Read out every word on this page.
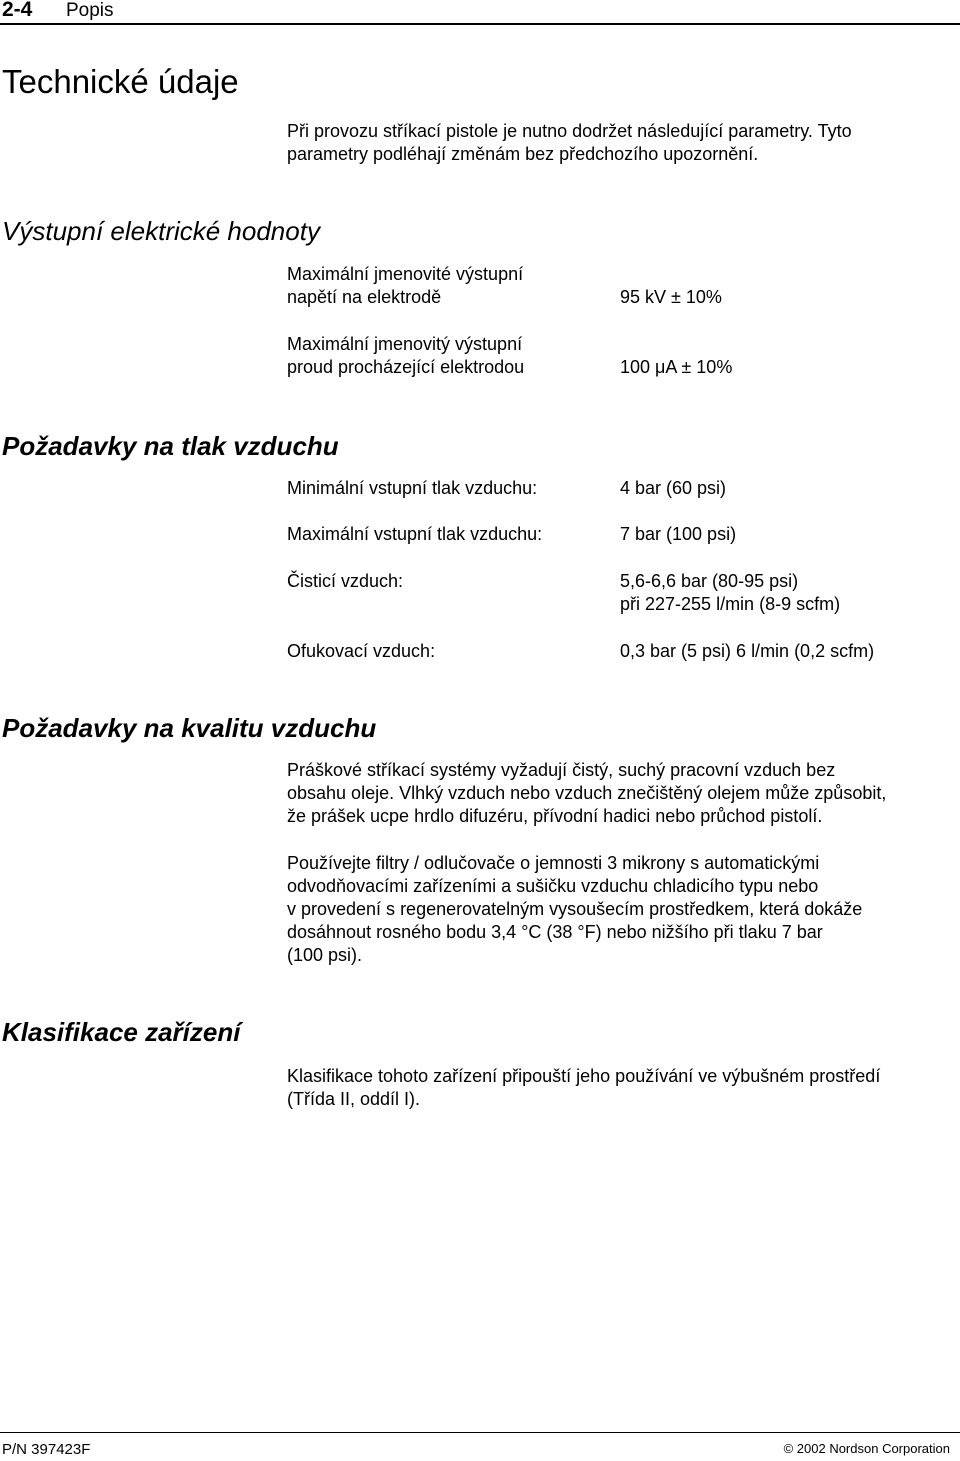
2-4 Popis
Technické údaje
Při provozu stříkací pistole je nutno dodržet následující parametry. Tyto parametry podléhají změnám bez předchozího upozornění.
Výstupní elektrické hodnoty
Maximální jmenovité výstupní
napětí na elektrodě	95 kV ± 10%
Maximální jmenovitý výstupní
proud procházející elektrodou	100 μA ± 10%
Požadavky na tlak vzduchu
Minimální vstupní tlak vzduchu:	4 bar (60 psi)
Maximální vstupní tlak vzduchu:	7 bar (100 psi)
Čisticí vzduch:	5,6-6,6 bar (80-95 psi)
při 227-255 l/min (8-9 scfm)
Ofukovací vzduch:	0,3 bar (5 psi) 6 l/min (0,2 scfm)
Požadavky na kvalitu vzduchu
Práškové stříkací systémy vyžadují čistý, suchý pracovní vzduch bez
obsahu oleje. Vlhký vzduch nebo vzduch znečištěný olejem může způsobit,
že prášek ucpe hrdlo difuzéru, přívodní hadici nebo průchod pistolí.
Používejte filtry / odlučovače o jemnosti 3 mikrony s automatickými
odvodňovacími zařízeními a sušičku vzduchu chladicího typu nebo
v provedení s regenerovatelným vysoušecím prostředkem, která dokáže
dosáhnout rosného bodu 3,4 °C (38 °F) nebo nižšího při tlaku 7 bar
(100 psi).
Klasifikace zařízení
Klasifikace tohoto zařízení připouští jeho používání ve výbušném prostředí
(Třída II, oddíl I).
P/N 397423F	© 2002 Nordson Corporation
